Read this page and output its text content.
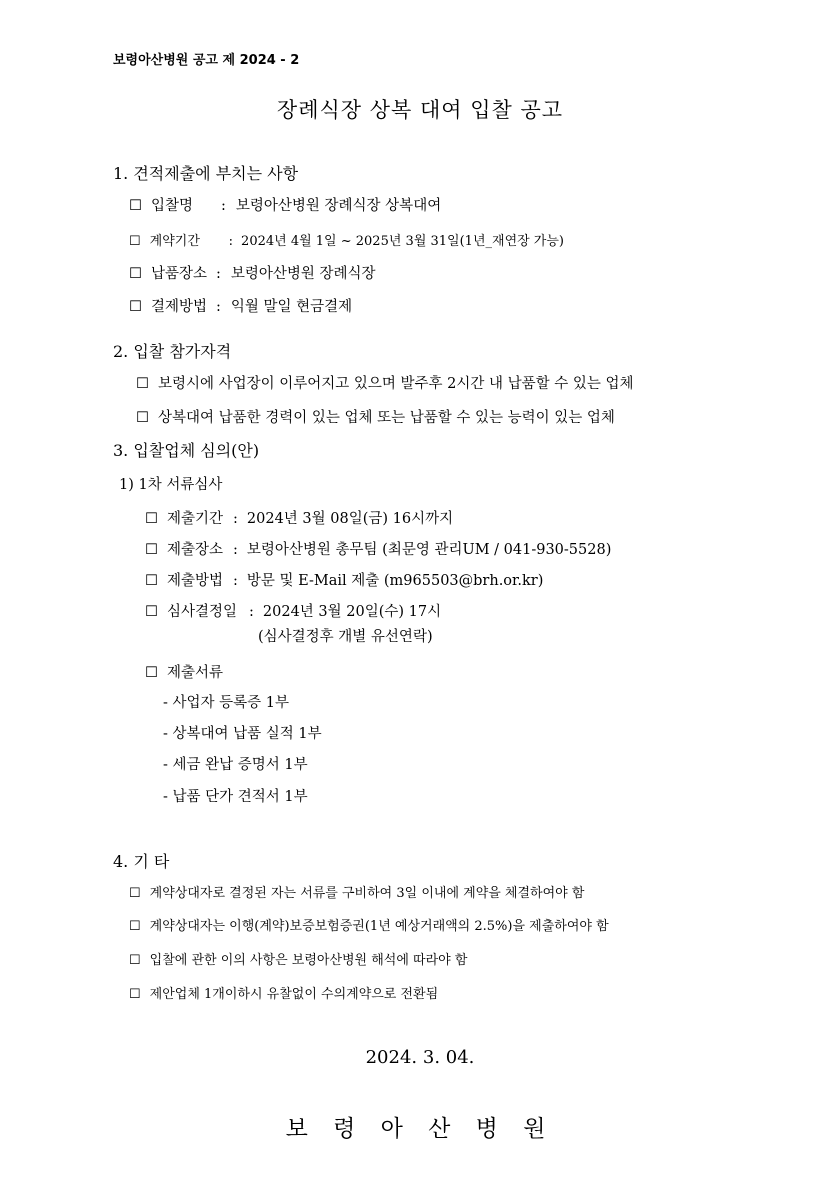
보령아산병원 공고 제 2024 - 2
장례식장 상복 대여 입찰 공고
1. 견적제출에 부치는 사항
☐ 입찰명	: 보령아산병원 장례식장 상복대여
☐ 계약기간	: 2024년 4월 1일 ~ 2025년 3월 31일(1년_재연장 가능)
☐ 납품장소 : 보령아산병원 장례식장
☐ 결제방법 : 익월 말일 현금결제
2. 입찰 참가자격
☐ 보령시에 사업장이 이루어지고 있으며 발주후 2시간 내 납품할 수 있는 업체
☐ 상복대여 납품한 경력이 있는 업체 또는 납품할 수 있는 능력이 있는 업체
3. 입찰업체 심의(안)
1) 1차 서류심사
☐ 제출기간 : 2024년 3월 08일(금) 16시까지
☐ 제출장소 : 보령아산병원 총무팀 (최문영 관리UM / 041-930-5528)
☐ 제출방법 : 방문 및 E-Mail 제출 (m965503@brh.or.kr)
☐ 심사결정일 : 2024년 3월 20일(수) 17시
(심사결정후 개별 유선연락)
☐ 제출서류
- 사업자 등록증 1부
- 상복대여 납품 실적 1부
- 세금 완납 증명서 1부
- 납품 단가 견적서 1부
4. 기 타
☐ 계약상대자로 결정된 자는 서류를 구비하여 3일 이내에 계약을 체결하여야 함
☐ 계약상대자는 이행(계약)보증보험증권(1년 예상거래액의 2.5%)을 제출하여야 함
☐ 입찰에 관한 이의 사항은 보령아산병원 해석에 따라야 함
☐ 제안업체 1개이하시 유찰없이 수의계약으로 전환됨
2024. 3. 04.
보 령 아 산 병 원
